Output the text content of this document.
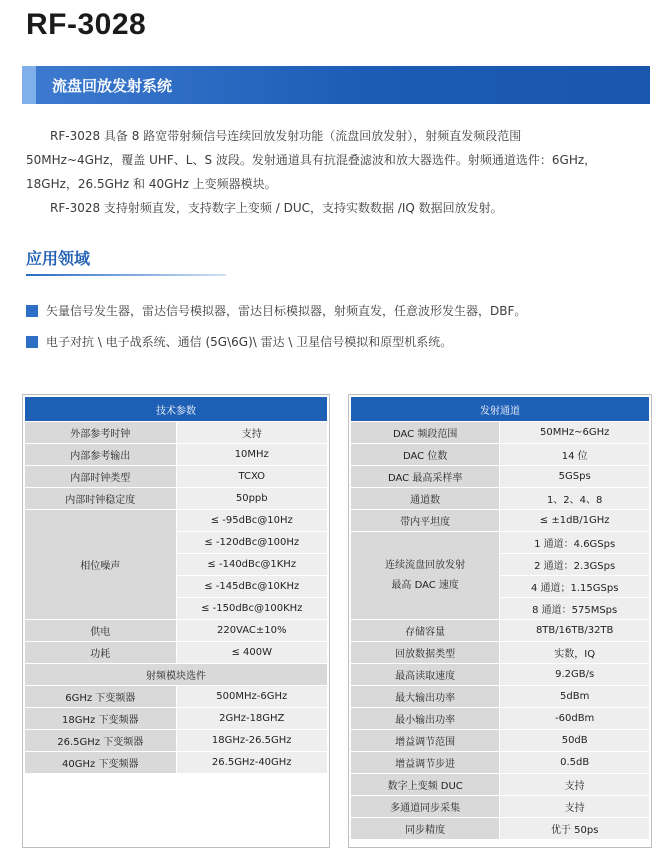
RF-3028
流盘回放发射系统
RF-3028 具备 8 路宽带射频信号连续回放发射功能（流盘回放发射），射频直发频段范围
50MHz~4GHz，覆盖 UHF、L、S 波段。发射通道具有抗混叠滤波和放大器选件。射频通道选件：6GHz，
18GHz，26.5GHz 和 40GHz 上变频器模块。
RF-3028 支持射频直发，支持数字上变频 / DUC，支持实数数据 /IQ 数据回放发射。
应用领域
矢量信号发生器，雷达信号模拟器，雷达目标模拟器，射频直发，任意波形发生器，DBF。
电子对抗 \ 电子战系统、通信 (5G\6G)\ 雷达 \ 卫星信号模拟和原型机系统。
技术参数	
外部参考时钟	支持
内部参考输出	10MHz
内部时钟类型	TCXO
内部时钟稳定度	50ppb
相位噪声	≤ -95dBc@10Hz
	≤ -120dBc@100Hz
	≤ -140dBc@1KHz
	≤ -145dBc@10KHz
	≤ -150dBc@100KHz
供电	220VAC±10%
功耗	≤ 400W
射频模块选件	
6GHz 下变频器	500MHz-6GHz
18GHz 下变频器	2GHz-18GHZ
26.5GHz 下变频器	18GHz-26.5GHz
40GHz 下变频器	26.5GHz-40GHz
发射通道	
DAC 频段范围	50MHz~6GHz
DAC 位数	14 位
DAC 最高采样率	5GSps
通道数	1、2、4、8
带内平坦度	≤ ±1dB/1GHz

连续流盘回放发射
最高 DAC 速度	1 通道：4.6GSps
	2 通道：2.3GSps
	4 通道；1.15GSps
	8 通道：575MSps
存储容量	8TB/16TB/32TB
回放数据类型	实数，IQ
最高读取速度	9.2GB/s
最大输出功率	5dBm
最小输出功率	-60dBm
增益调节范围	50dB
增益调节步进	0.5dB
数字上变频 DUC	支持
多通道同步采集	支持
同步精度	优于 50ps
